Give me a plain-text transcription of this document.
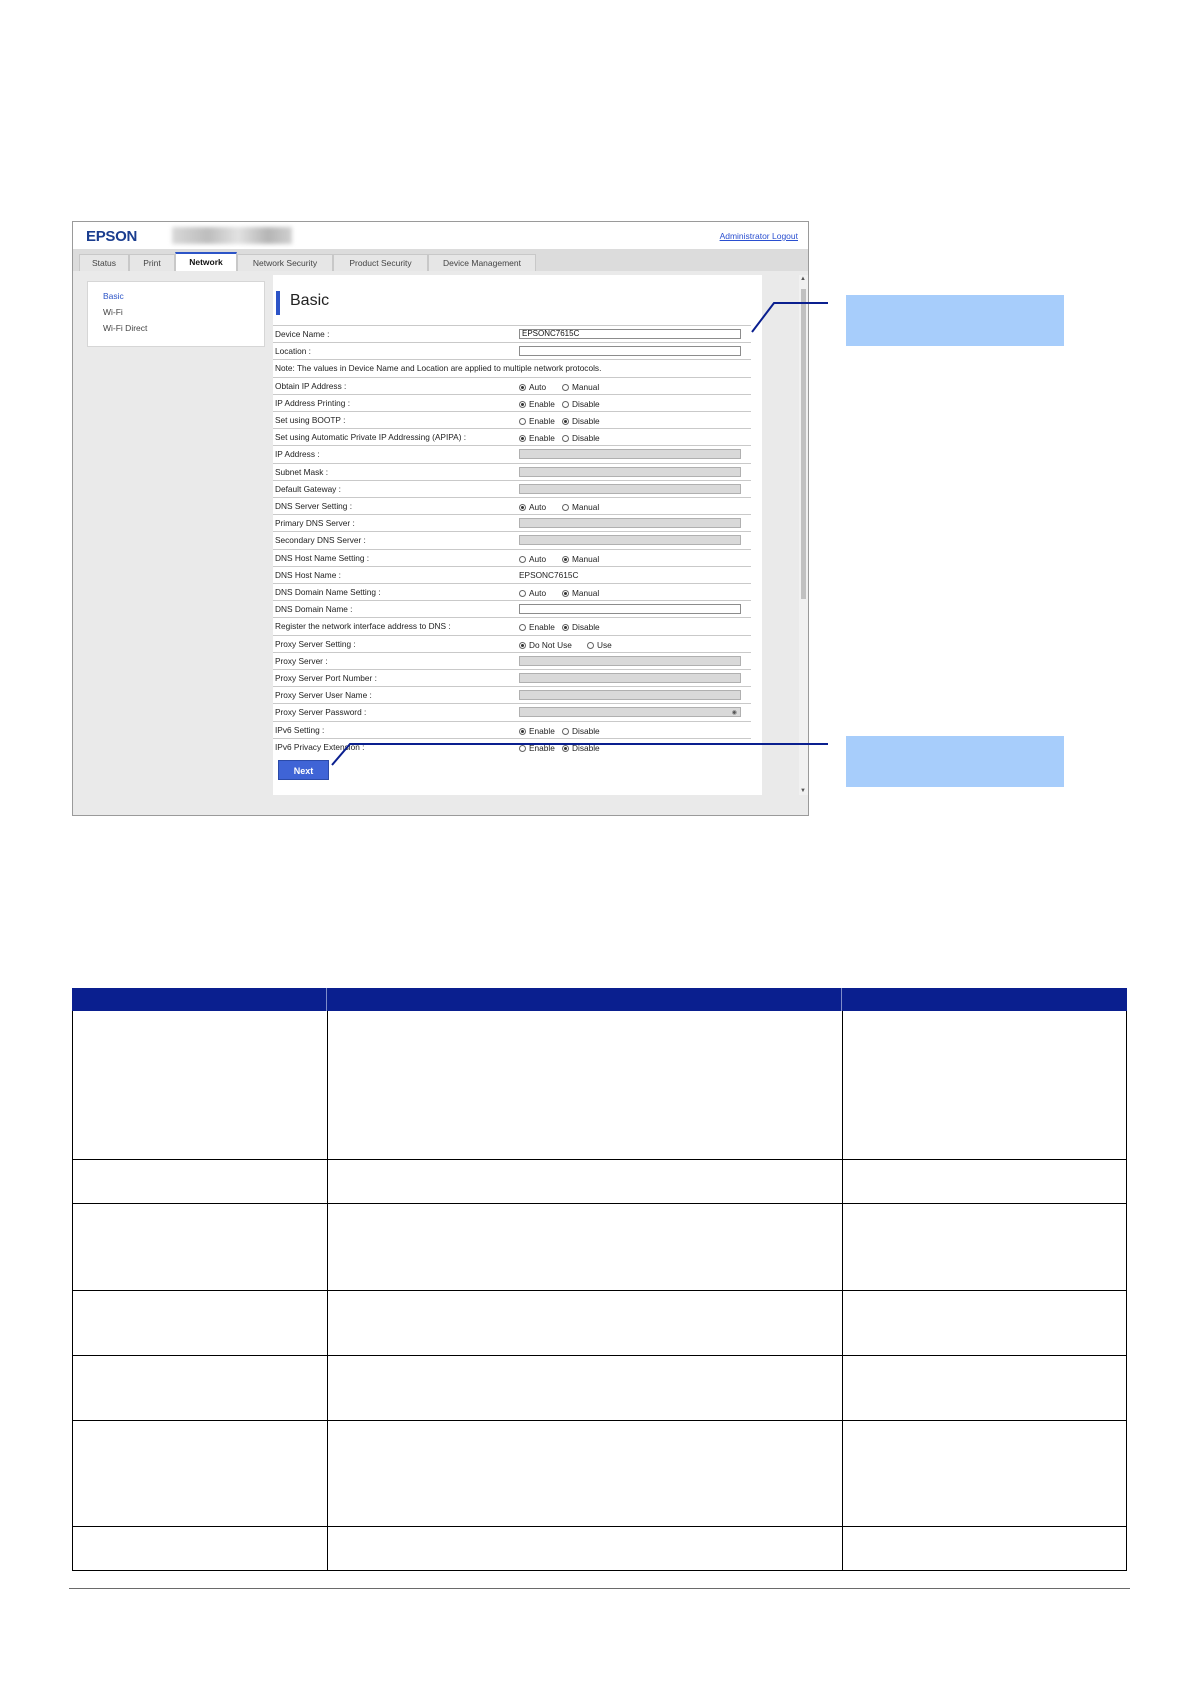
EPSON	Administrator Logout
Status	Print	Network	Network Security	Product Security	Device Management
Basic
Wi-Fi
Wi-Fi Direct
Basic
Device Name :	EPSONC7615C
Location :
Note: The values in Device Name and Location are applied to multiple network protocols.
Obtain IP Address :	Auto	Manual
IP Address Printing :	Enable	Disable
Set using BOOTP :	Enable	Disable
Set using Automatic Private IP Addressing (APIPA) :	Enable	Disable
IP Address :
Subnet Mask :
Default Gateway :
DNS Server Setting :	Auto	Manual
Primary DNS Server :
Secondary DNS Server :
DNS Host Name Setting :	Auto	Manual
DNS Host Name :	EPSONC7615C
DNS Domain Name Setting :	Auto	Manual
DNS Domain Name :
Register the network interface address to DNS :	Enable	Disable
Proxy Server Setting :	Do Not Use	Use
Proxy Server :
Proxy Server Port Number :
Proxy Server User Name :
Proxy Server Password :	◉
IPv6 Setting :	Enable	Disable
IPv6 Privacy Extension :	Enable	Disable
Next
▲
▼
